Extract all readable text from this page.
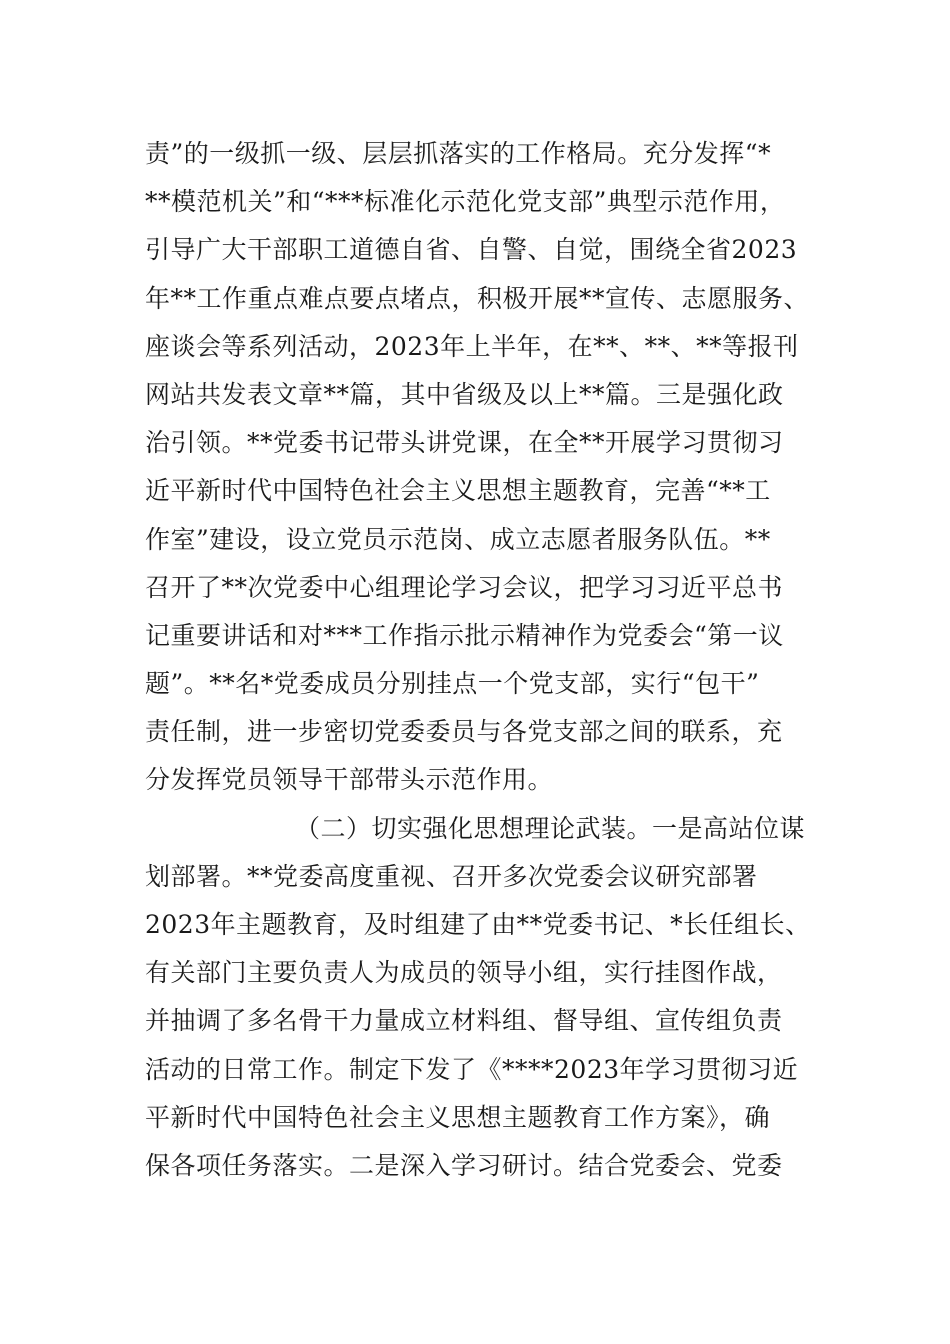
责”的一级抓一级、层层抓落实的工作格局。充分发挥“*
**模范机关”和“***标准化示范化党支部”典型示范作用，
引导广大干部职工道德自省、自警、自觉，围绕全省2023
年**工作重点难点要点堵点，积极开展**宣传、志愿服务、
座谈会等系列活动，2023年上半年，在**、**、**等报刊
网站共发表文章**篇，其中省级及以上**篇。三是强化政
治引领。**党委书记带头讲党课，在全**开展学习贯彻习
近平新时代中国特色社会主义思想主题教育，完善“**工
作室”建设，设立党员示范岗、成立志愿者服务队伍。**
召开了**次党委中心组理论学习会议，把学习习近平总书
记重要讲话和对***工作指示批示精神作为党委会“第一议
题”。**名*党委成员分别挂点一个党支部，实行“包干”
责任制，进一步密切党委委员与各党支部之间的联系，充
分发挥党员领导干部带头示范作用。
（二）切实强化思想理论武装。一是高站位谋
划部署。**党委高度重视、召开多次党委会议研究部署
2023年主题教育，及时组建了由**党委书记、*长任组长、
有关部门主要负责人为成员的领导小组，实行挂图作战，
并抽调了多名骨干力量成立材料组、督导组、宣传组负责
活动的日常工作。制定下发了《****2023年学习贯彻习近
平新时代中国特色社会主义思想主题教育工作方案》，确
保各项任务落实。二是深入学习研讨。结合党委会、党委
